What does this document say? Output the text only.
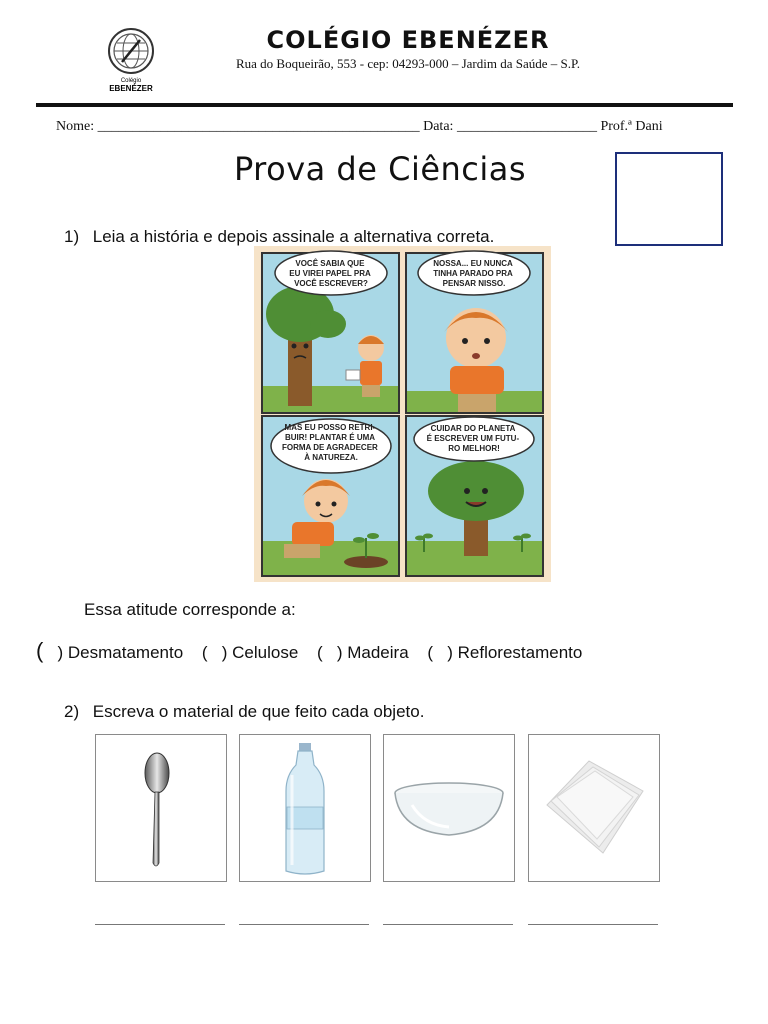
Colégio
EBENÉZER
COLÉGIO EBENÉZER
Rua do Boqueirão, 553 - cep: 04293-000 – Jardim da Saúde – S.P.
Nome: ______________________________________________ Data: ____________________ Prof.ª Dani
Prova de Ciências
1) Leia a história e depois assinale a alternativa correta.
VOCÊ SABIA QUE EU VIREI PAPEL PRA VOCÊ ESCREVER?
NOSSA... EU NUNCA TINHA PARADO PRA PENSAR NISSO.
MAS EU POSSO RETRI- BUIR! PLANTAR É UMA FORMA DE AGRADECER À NATUREZA.
CUIDAR DO PLANETA É ESCREVER UM FUTU- RO MELHOR!
Essa atitude corresponde a:
(   ) Desmatamento (   ) Celulose (   ) Madeira (   ) Reflorestamento
2) Escreva o material de que feito cada objeto.
